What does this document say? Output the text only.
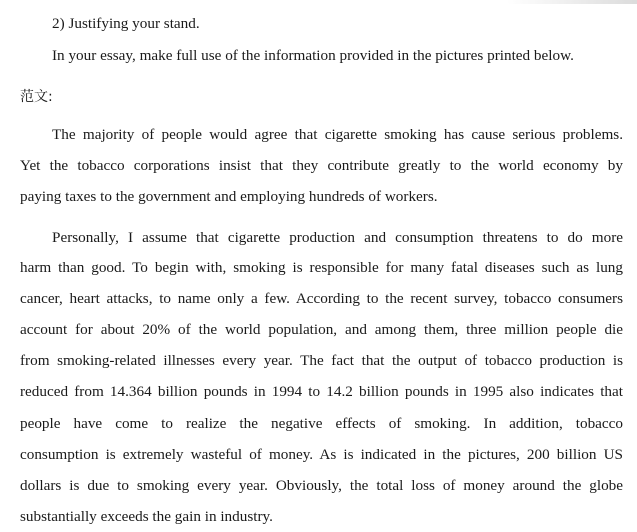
2) Justifying your stand.
In your essay, make full use of the information provided in the pictures printed below.
范文:
The majority of people would agree that cigarette smoking has cause serious problems.
Yet the tobacco corporations insist that they contribute greatly to the world economy by
paying taxes to the government and employing hundreds of workers.
Personally, I assume that cigarette production and consumption threatens to do more
harm than good. To begin with, smoking is responsible for many fatal diseases such as lung
cancer, heart attacks, to name only a few. According to the recent survey, tobacco consumers
account for about 20% of the world population, and among them, three million people die
from smoking-related illnesses every year. The fact that the output of tobacco production is
reduced from 14.364 billion pounds in 1994 to 14.2 billion pounds in 1995 also indicates that
people have come to realize the negative effects of smoking. In addition, tobacco
consumption is extremely wasteful of money. As is indicated in the pictures, 200 billion US
dollars is due to smoking every year. Obviously, the total loss of money around the globe
substantially exceeds the gain in industry.
